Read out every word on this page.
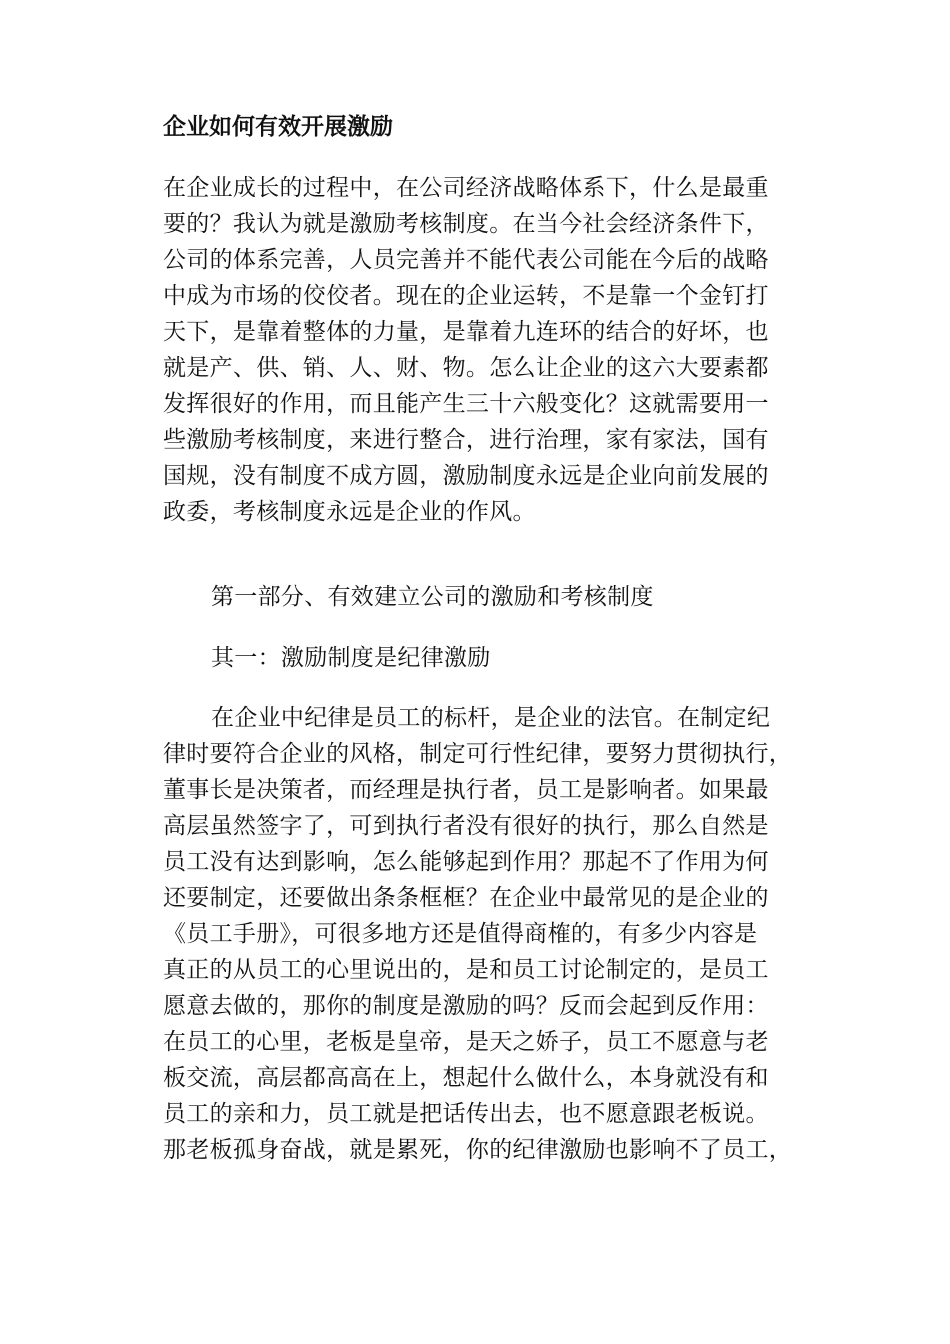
企业如何有效开展激励
在企业成长的过程中，在公司经济战略体系下，什么是最重
要的？我认为就是激励考核制度。在当今社会经济条件下，
公司的体系完善，人员完善并不能代表公司能在今后的战略
中成为市场的佼佼者。现在的企业运转，不是靠一个金钉打
天下，是靠着整体的力量，是靠着九连环的结合的好坏，也
就是产、供、销、人、财、物。怎么让企业的这六大要素都
发挥很好的作用，而且能产生三十六般变化？这就需要用一
些激励考核制度，来进行整合，进行治理，家有家法，国有
国规，没有制度不成方圆，激励制度永远是企业向前发展的
政委，考核制度永远是企业的作风。
第一部分、有效建立公司的激励和考核制度
其一：激励制度是纪律激励
在企业中纪律是员工的标杆，是企业的法官。在制定纪
律时要符合企业的风格，制定可行性纪律，要努力贯彻执行，
董事长是决策者，而经理是执行者，员工是影响者。如果最
高层虽然签字了，可到执行者没有很好的执行，那么自然是
员工没有达到影响，怎么能够起到作用？那起不了作用为何
还要制定，还要做出条条框框？在企业中最常见的是企业的
《员工手册》，可很多地方还是值得商榷的，有多少内容是
真正的从员工的心里说出的，是和员工讨论制定的，是员工
愿意去做的，那你的制度是激励的吗？反而会起到反作用：
在员工的心里，老板是皇帝，是天之娇子，员工不愿意与老
板交流，高层都高高在上，想起什么做什么，本身就没有和
员工的亲和力，员工就是把话传出去，也不愿意跟老板说。
那老板孤身奋战，就是累死，你的纪律激励也影响不了员工，
